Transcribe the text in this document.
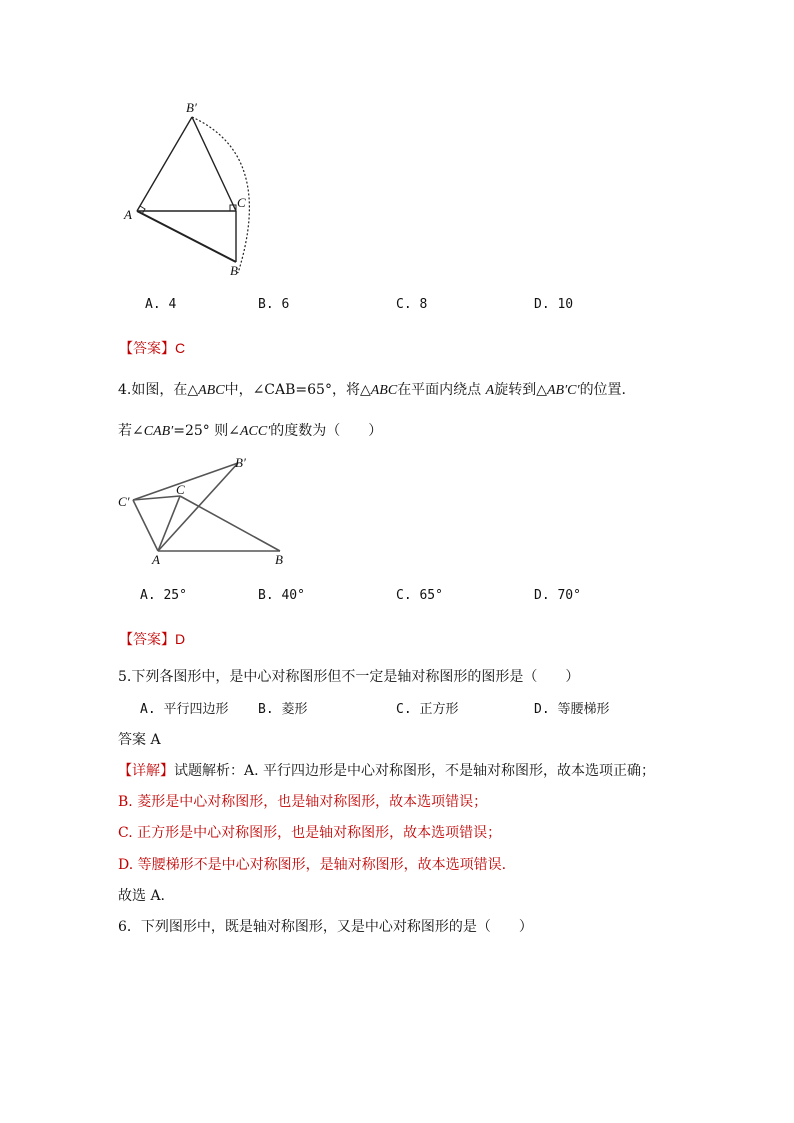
B′
A
C
B
A. 4	B. 6	C. 8	D. 10
【答案】C
4.如图，在△ABC中，∠CAB=65°，将△ABC在平面内绕点 A旋转到△AB′C′的位置.
若∠CAB′=25° 则∠ACC′的度数为（　　）
B′
C′
C
A	B
A. 25°	B. 40°	C. 65°	D. 70°
【答案】D
5.下列各图形中，是中心对称图形但不一定是轴对称图形的图形是（　　）
A. 平行四边形 B. 菱形	C. 正方形	D. 等腰梯形
答案 A
【详解】试题解析：A. 平行四边形是中心对称图形，不是轴对称图形，故本选项正确；
B. 菱形是中心对称图形，也是轴对称图形，故本选项错误；
C. 正方形是中心对称图形，也是轴对称图形，故本选项错误；
D. 等腰梯形不是中心对称图形，是轴对称图形，故本选项错误.
故选 A.
6．下列图形中，既是轴对称图形，又是中心对称图形的是（　　）
